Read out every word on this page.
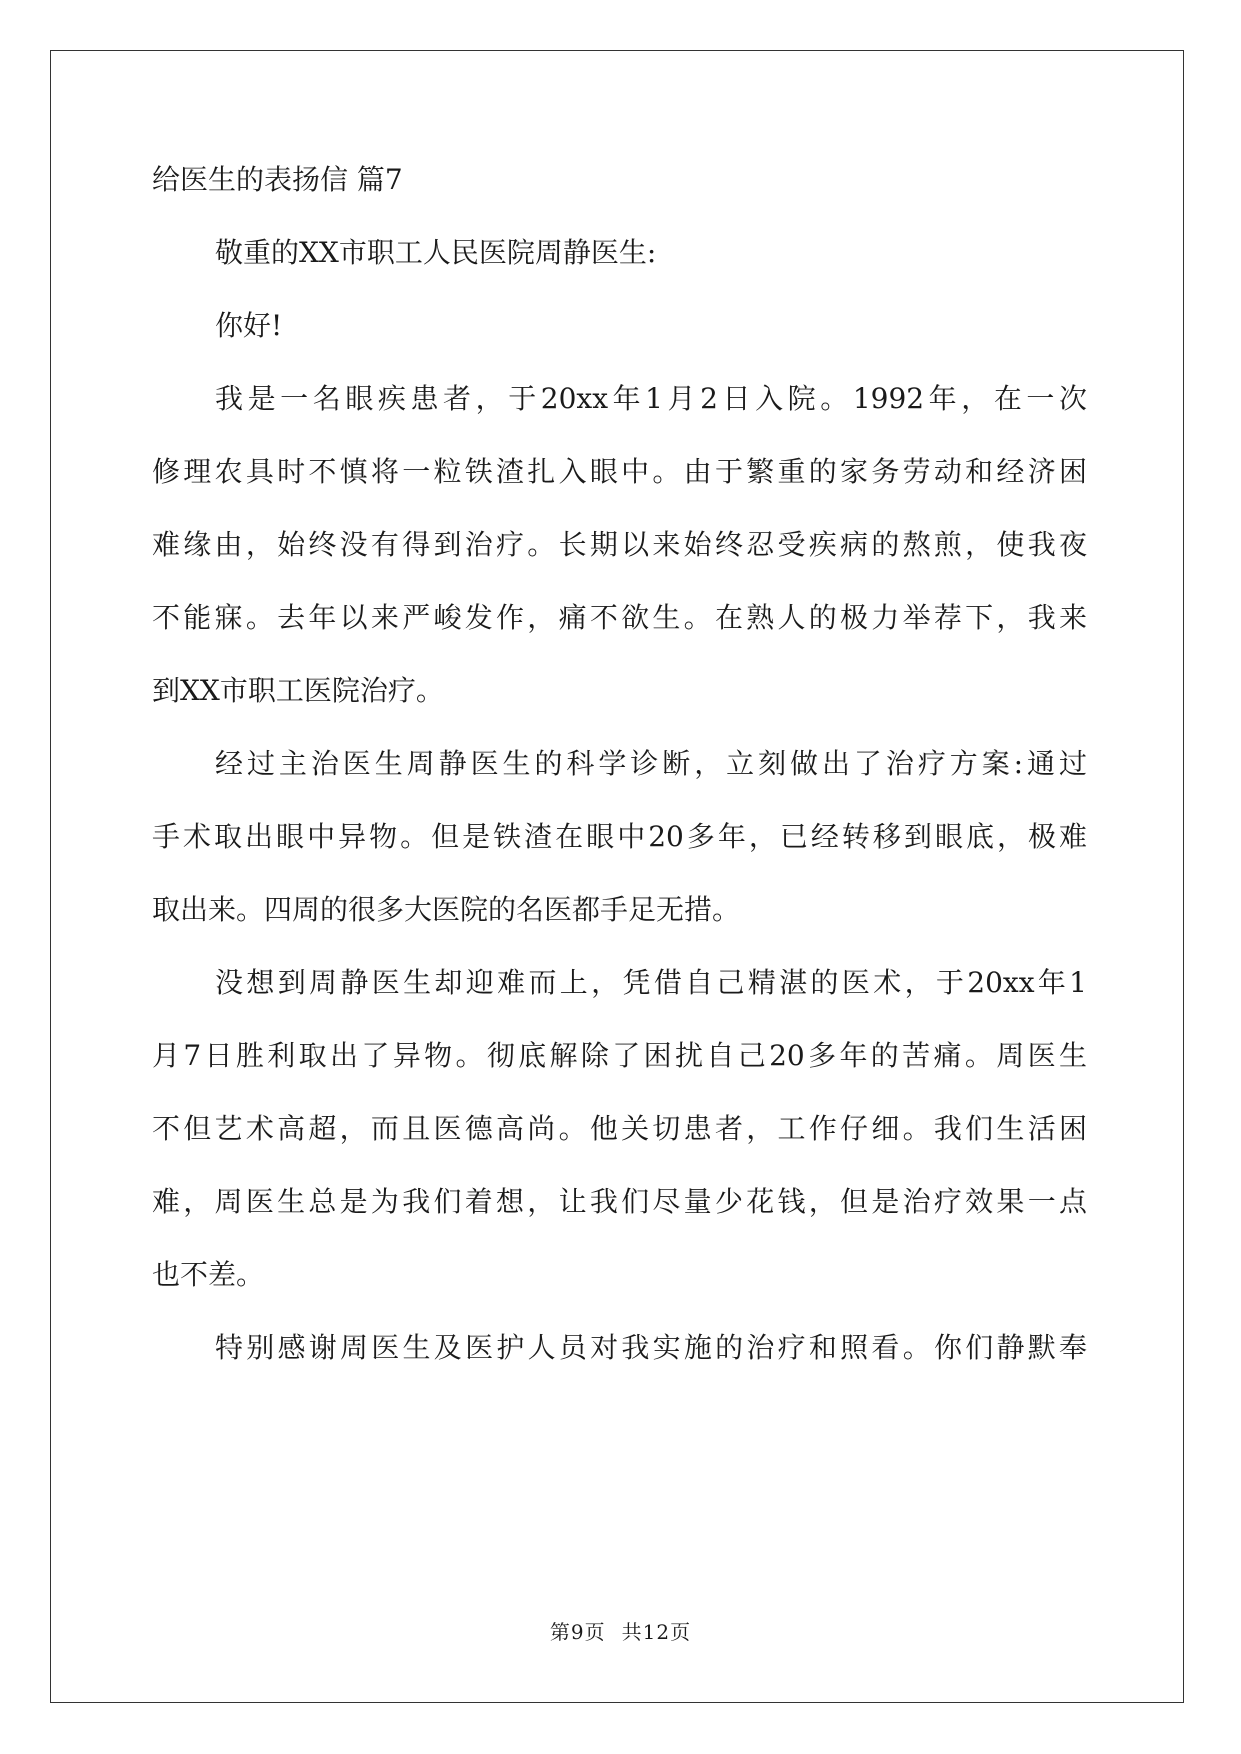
给医生的表扬信 篇7
敬重的XX市职工人民医院周静医生:
你好!
我是一名眼疾患者，于20xx年1月2日入院。1992年，在一次
修理农具时不慎将一粒铁渣扎入眼中。由于繁重的家务劳动和经济困
难缘由，始终没有得到治疗。长期以来始终忍受疾病的熬煎，使我夜
不能寐。去年以来严峻发作，痛不欲生。在熟人的极力举荐下，我来
到XX市职工医院治疗。
经过主治医生周静医生的科学诊断，立刻做出了治疗方案:通过
手术取出眼中异物。但是铁渣在眼中20多年，已经转移到眼底，极难
取出来。四周的很多大医院的名医都手足无措。
没想到周静医生却迎难而上，凭借自己精湛的医术，于20xx年1
月7日胜利取出了异物。彻底解除了困扰自己20多年的苦痛。周医生
不但艺术高超，而且医德高尚。他关切患者，工作仔细。我们生活困
难，周医生总是为我们着想，让我们尽量少花钱，但是治疗效果一点
也不差。
特别感谢周医生及医护人员对我实施的治疗和照看。你们静默奉
第9页 共12页
